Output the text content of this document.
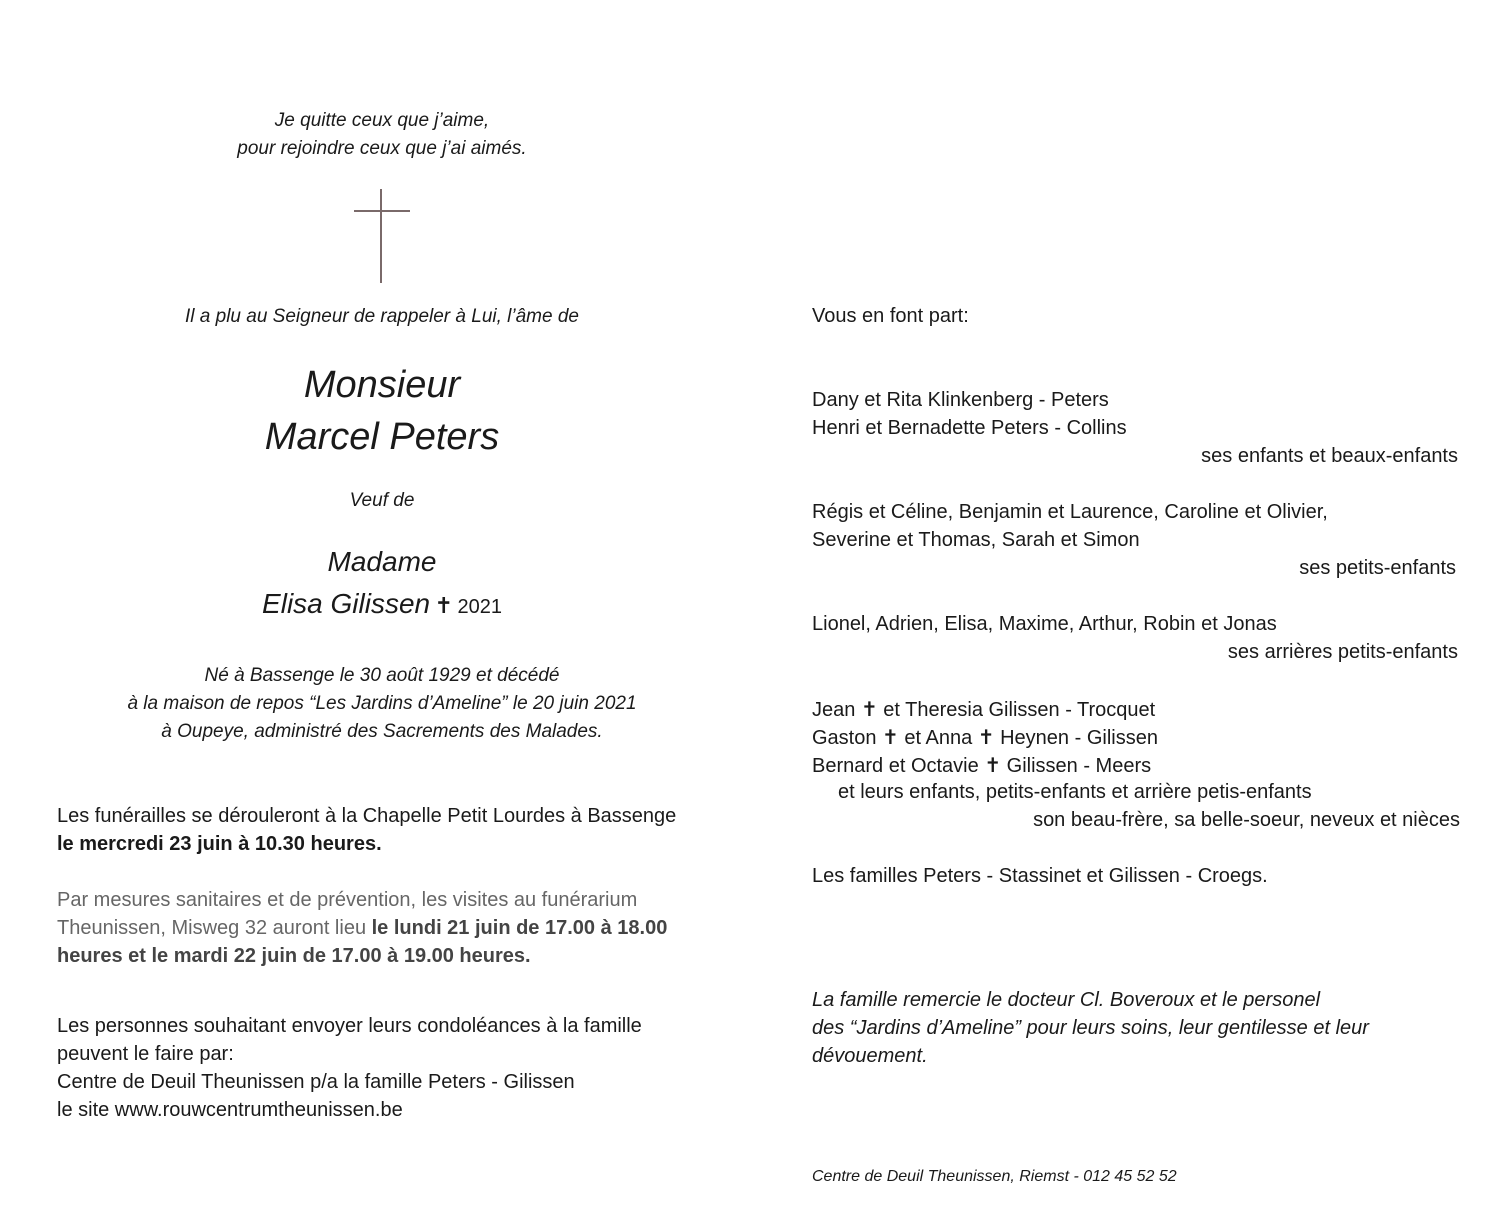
Je quitte ceux que j’aime,
pour rejoindre ceux que j’ai aimés.
Il a plu au Seigneur de rappeler à Lui, l’âme de
Monsieur
Marcel Peters
Veuf de
Madame
Elisa Gilissen ✝ 2021
Né à Bassenge le 30 août 1929 et décédé
à la maison de repos “Les Jardins d’Ameline” le 20 juin 2021
à Oupeye, administré des Sacrements des Malades.
Les funérailles se dérouleront à la Chapelle Petit Lourdes à Bassenge
le mercredi 23 juin à 10.30 heures.
Par mesures sanitaires et de prévention, les visites au funérarium
Theunissen, Misweg 32 auront lieu le lundi 21 juin de 17.00 à 18.00
heures et le mardi 22 juin de 17.00 à 19.00 heures.
Les personnes souhaitant envoyer leurs condoléances à la famille
peuvent le faire par:
Centre de Deuil Theunissen p/a la famille Peters - Gilissen
le site www.rouwcentrumtheunissen.be
Vous en font part:
Dany et Rita Klinkenberg - Peters
Henri et Bernadette Peters - Collins
ses enfants et beaux-enfants
Régis et Céline, Benjamin et Laurence, Caroline et Olivier,
Severine et Thomas, Sarah et Simon
ses petits-enfants
Lionel, Adrien, Elisa, Maxime, Arthur, Robin et Jonas
ses arrières petits-enfants
Jean ✝ et Theresia Gilissen - Trocquet
Gaston ✝ et Anna ✝ Heynen - Gilissen
Bernard et Octavie ✝ Gilissen - Meers
et leurs enfants, petits-enfants et arrière petis-enfants
son beau-frère, sa belle-soeur, neveux et nièces
Les familles Peters - Stassinet et Gilissen - Croegs.
La famille remercie le docteur Cl. Boveroux et le personel
des “Jardins d’Ameline” pour leurs soins, leur gentilesse et leur
dévouement.
Centre de Deuil Theunissen, Riemst - 012 45 52 52
